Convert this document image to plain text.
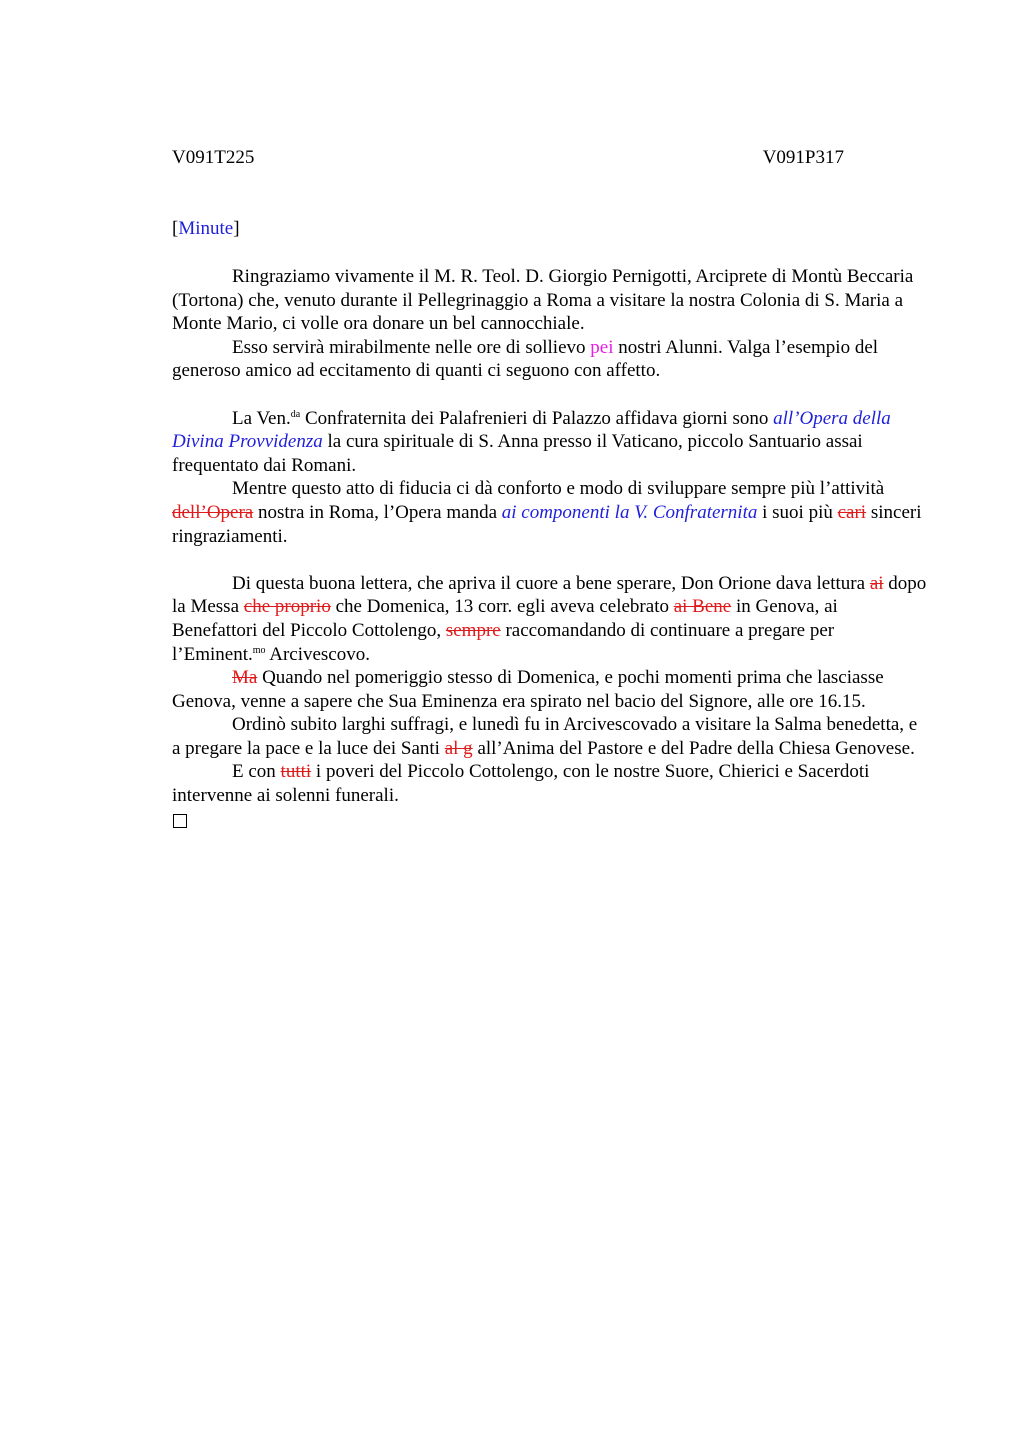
V091T225	V091P317
[Minute]

Ringraziamo vivamente il M. R. Teol. D. Giorgio Pernigotti, Arciprete di Montù Beccaria (Tortona) che, venuto durante il Pellegrinaggio a Roma a visitare la nostra Colonia di S. Maria a Monte Mario, ci volle ora donare un bel cannocchiale.

Esso servirà mirabilmente nelle ore di sollievo pei nostri Alunni. Valga l’esempio del generoso amico ad eccitamento di quanti ci seguono con affetto.

La Ven.$^{da}$ Confraternita dei Palafrenieri di Palazzo affidava giorni sono all’Opera della Divina Provvidenza la cura spirituale di S. Anna presso il Vaticano, piccolo Santuario assai frequentato dai Romani.

Mentre questo atto di fiducia ci dà conforto e modo di sviluppare sempre più l’attività dell’Opera nostra in Roma, l’Opera manda ai componenti la V. Confraternita i suoi più cari sinceri ringraziamenti.

Di questa buona lettera, che apriva il cuore a bene sperare, Don Orione dava lettura ai dopo la Messa che proprio che Domenica, 13 corr. egli aveva celebrato ai Bene in Genova, ai Benefattori del Piccolo Cottolengo, sempre raccomandando di continuare a pregare per l’Eminent.$^{mo}$ Arcivescovo.

Ma Quando nel pomeriggio stesso di Domenica, e pochi momenti prima che lasciasse Genova, venne a sapere che Sua Eminenza era spirato nel bacio del Signore, alle ore 16.15.

Ordinò subito larghi suffragi, e lunedì fu in Arcivescovado a visitare la Salma benedetta, e a pregare la pace e la luce dei Santi al g all’Anima del Pastore e del Padre della Chiesa Genovese.

E con tutti i poveri del Piccolo Cottolengo, con le nostre Suore, Chierici e Sacerdoti intervenne ai solenni funerali.
